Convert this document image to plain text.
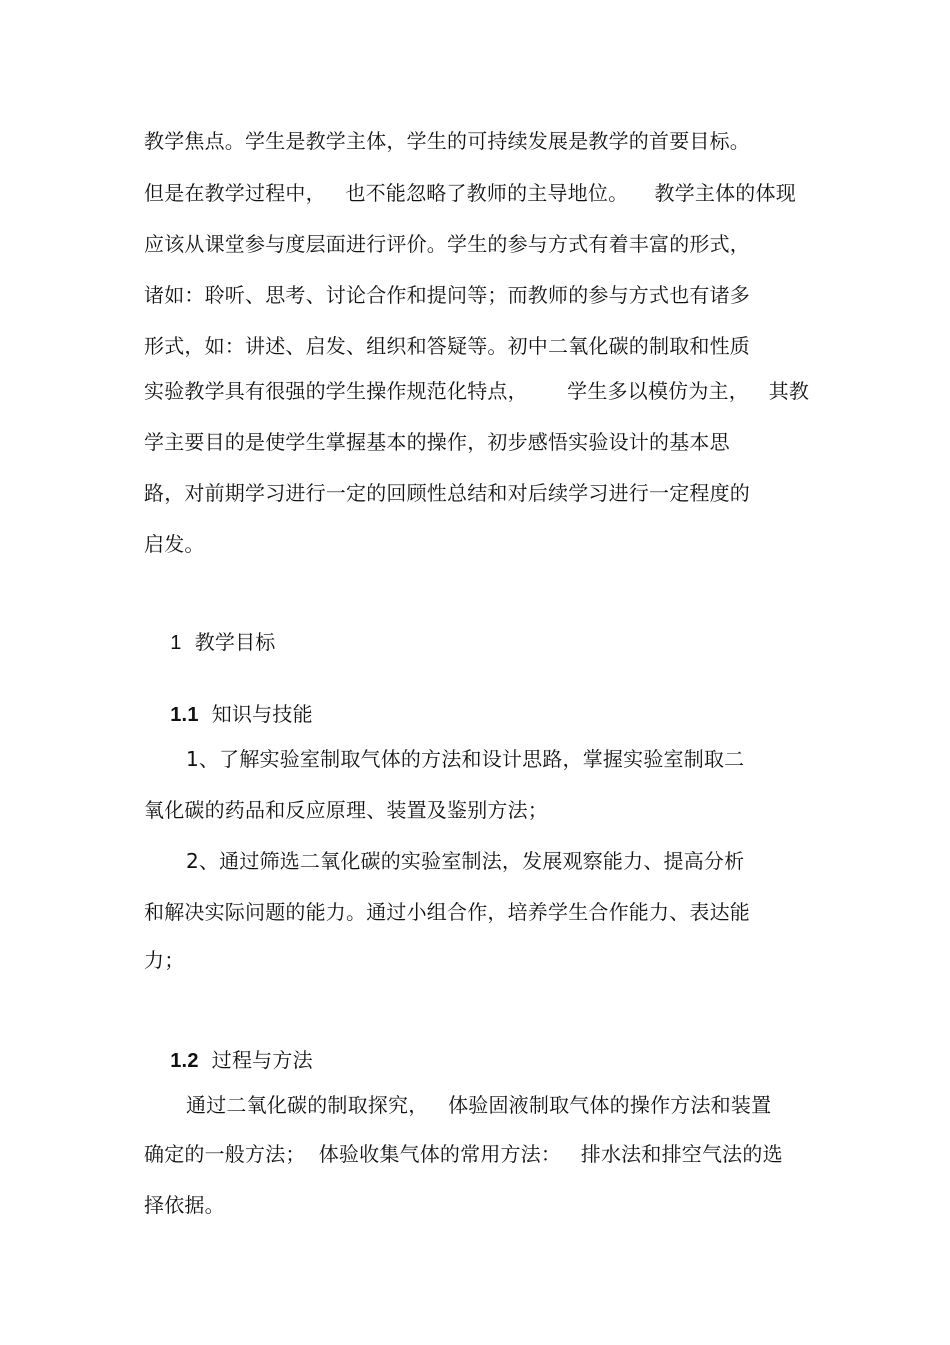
教学焦点。学生是教学主体，学生的可持续发展是教学的首要目标。
但是在教学过程中，   也不能忽略了教师的主导地位。    教学主体的体现
应该从课堂参与度层面进行评价。学生的参与方式有着丰富的形式，
诸如：聆听、思考、讨论合作和提问等；而教师的参与方式也有诸多
形式，如：讲述、启发、组织和答疑等。初中二氧化碳的制取和性质
实验教学具有很强的学生操作规范化特点，      学生多以模仿为主，   其教
学主要目的是使学生掌握基本的操作，初步感悟实验设计的基本思
路，对前期学习进行一定的回顾性总结和对后续学习进行一定程度的
启发。

1 教学目标

1.1 知识与技能

1、了解实验室制取气体的方法和设计思路，掌握实验室制取二
氧化碳的药品和反应原理、装置及鉴别方法；
2、通过筛选二氧化碳的实验室制法，发展观察能力、提高分析
和解决实际问题的能力。通过小组合作，培养学生合作能力、表达能
力；

1.2 过程与方法

通过二氧化碳的制取探究，   体验固液制取气体的操作方法和装置
确定的一般方法；  体验收集气体的常用方法：   排水法和排空气法的选
择依据。
